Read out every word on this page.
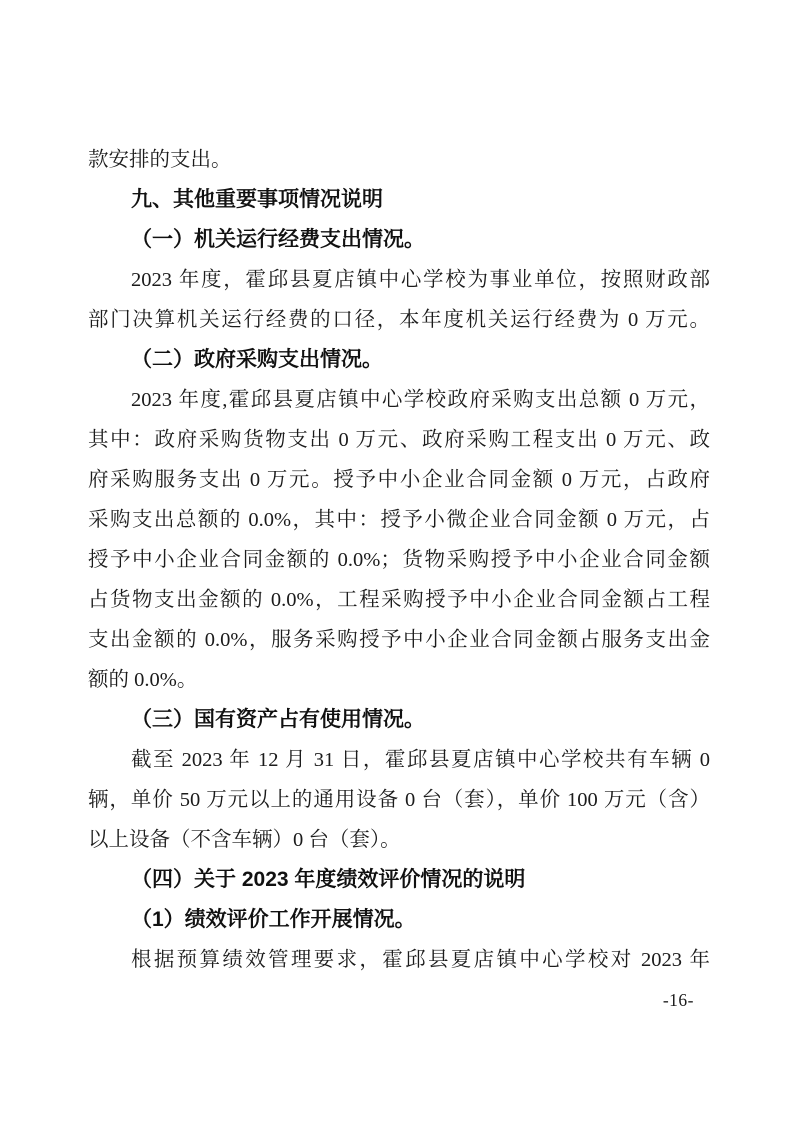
款安排的支出。
九、其他重要事项情况说明
（一）机关运行经费支出情况。
2023 年度，霍邱县夏店镇中心学校为事业单位，按照财政部
部门决算机关运行经费的口径，本年度机关运行经费为 0 万元。
（二）政府采购支出情况。
2023 年度,霍邱县夏店镇中心学校政府采购支出总额 0 万元，
其中：政府采购货物支出 0 万元、政府采购工程支出 0 万元、政
府采购服务支出 0 万元。授予中小企业合同金额 0 万元，占政府
采购支出总额的 0.0%，其中：授予小微企业合同金额 0 万元，占
授予中小企业合同金额的 0.0%；货物采购授予中小企业合同金额
占货物支出金额的 0.0%，工程采购授予中小企业合同金额占工程
支出金额的 0.0%，服务采购授予中小企业合同金额占服务支出金
额的 0.0%。
（三）国有资产占有使用情况。
截至 2023 年 12 月 31 日，霍邱县夏店镇中心学校共有车辆 0
辆，单价 50 万元以上的通用设备 0 台（套），单价 100 万元（含）
以上设备（不含车辆）0 台（套）。
（四）关于 2023 年度绩效评价情况的说明
（1）绩效评价工作开展情况。
根据预算绩效管理要求，霍邱县夏店镇中心学校对 2023 年
-16-
